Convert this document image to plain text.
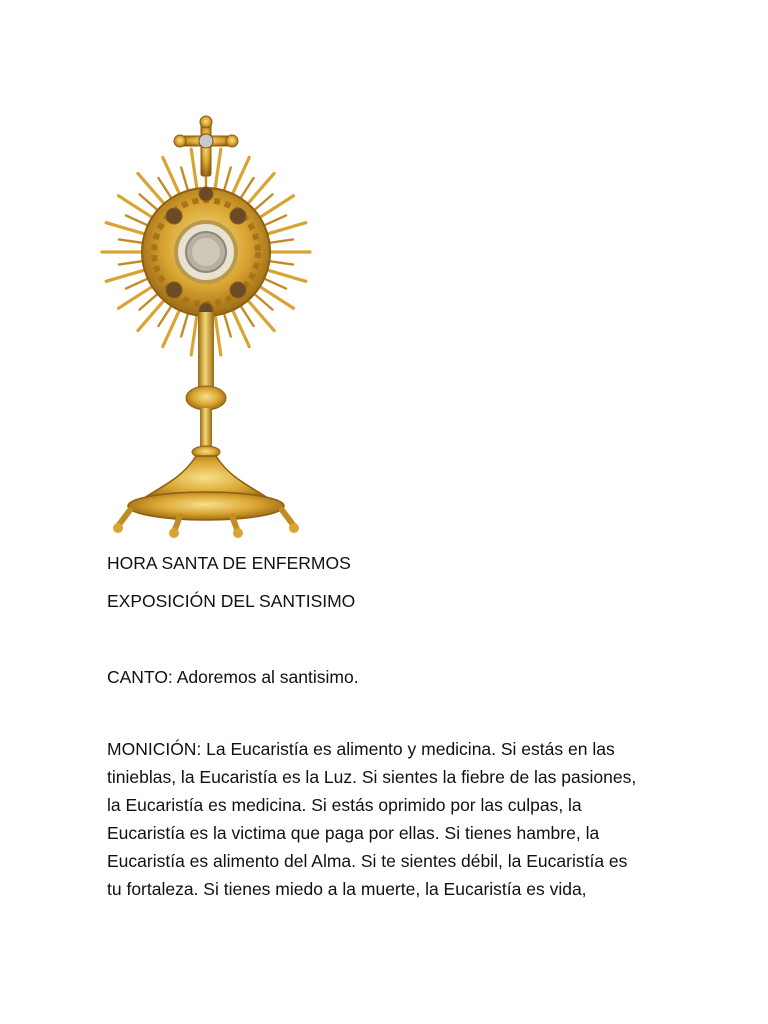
HORA SANTA DE ENFERMOS

EXPOSICIÓN DEL SANTISIMO

CANTO: Adoremos al santisimo.

MONICIÓN: La Eucaristía es alimento y medicina. Si estás en las
tinieblas, la Eucaristía es la Luz. Si sientes la fiebre de las pasiones,
la Eucaristía es medicina. Si estás oprimido por las culpas, la
Eucaristía es la victima que paga por ellas. Si tienes hambre, la
Eucaristía es alimento del Alma. Si te sientes débil, la Eucaristía es
tu fortaleza. Si tienes miedo a la muerte, la Eucaristía es vida,
